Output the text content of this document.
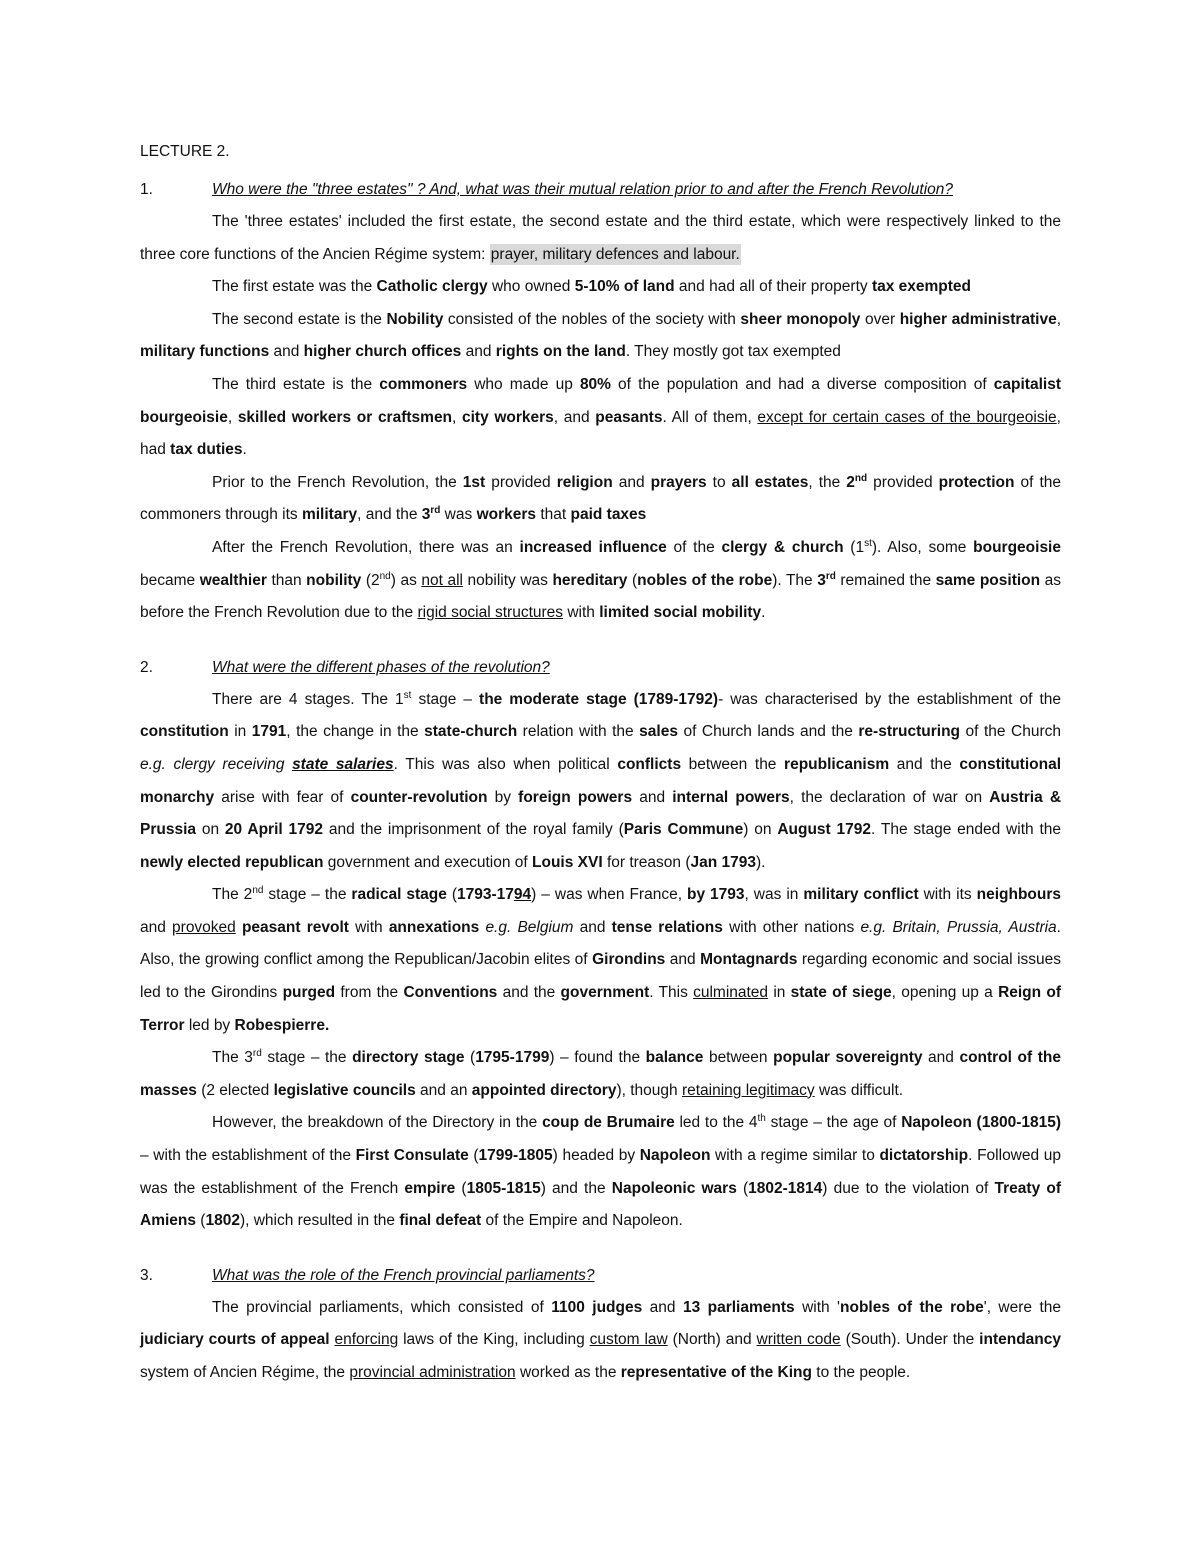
LECTURE 2.
1.	Who were the "three estates" ? And, what was their mutual relation prior to and after the French Revolution?

The 'three estates' included the first estate, the second estate and the third estate, which were respectively linked to the three core functions of the Ancien Régime system: prayer, military defences and labour.

The first estate was the Catholic clergy who owned 5-10% of land and had all of their property tax exempted

The second estate is the Nobility consisted of the nobles of the society with sheer monopoly over higher administrative, military functions and higher church offices and rights on the land. They mostly got tax exempted

The third estate is the commoners who made up 80% of the population and had a diverse composition of capitalist bourgeoisie, skilled workers or craftsmen, city workers, and peasants. All of them, except for certain cases of the bourgeoisie, had tax duties.

Prior to the French Revolution, the 1st provided religion and prayers to all estates, the 2nd provided protection of the commoners through its military, and the 3rd was workers that paid taxes

After the French Revolution, there was an increased influence of the clergy & church (1st). Also, some bourgeoisie became wealthier than nobility (2nd) as not all nobility was hereditary (nobles of the robe). The 3rd remained the same position as before the French Revolution due to the rigid social structures with limited social mobility.

2.	What were the different phases of the revolution?

There are 4 stages. The 1st stage – the moderate stage (1789-1792)- was characterised by the establishment of the constitution in 1791, the change in the state-church relation with the sales of Church lands and the re-structuring of the Church e.g. clergy receiving state salaries. This was also when political conflicts between the republicanism and the constitutional monarchy arise with fear of counter-revolution by foreign powers and internal powers, the declaration of war on Austria & Prussia on 20 April 1792 and the imprisonment of the royal family (Paris Commune) on August 1792. The stage ended with the newly elected republican government and execution of Louis XVI for treason (Jan 1793).

The 2nd stage – the radical stage (1793-1794) – was when France, by 1793, was in military conflict with its neighbours and provoked peasant revolt with annexations e.g. Belgium and tense relations with other nations e.g. Britain, Prussia, Austria. Also, the growing conflict among the Republican/Jacobin elites of Girondins and Montagnards regarding economic and social issues led to the Girondins purged from the Conventions and the government. This culminated in state of siege, opening up a Reign of Terror led by Robespierre.

The 3rd stage – the directory stage (1795-1799) – found the balance between popular sovereignty and control of the masses (2 elected legislative councils and an appointed directory), though retaining legitimacy was difficult.

However, the breakdown of the Directory in the coup de Brumaire led to the 4th stage – the age of Napoleon (1800-1815) – with the establishment of the First Consulate (1799-1805) headed by Napoleon with a regime similar to dictatorship. Followed up was the establishment of the French empire (1805-1815) and the Napoleonic wars (1802-1814) due to the violation of Treaty of Amiens (1802), which resulted in the final defeat of the Empire and Napoleon.

3.	What was the role of the French provincial parliaments?

The provincial parliaments, which consisted of 1100 judges and 13 parliaments with 'nobles of the robe', were the judiciary courts of appeal enforcing laws of the King, including custom law (North) and written code (South). Under the intendancy system of Ancien Régime, the provincial administration worked as the representative of the King to the people.
